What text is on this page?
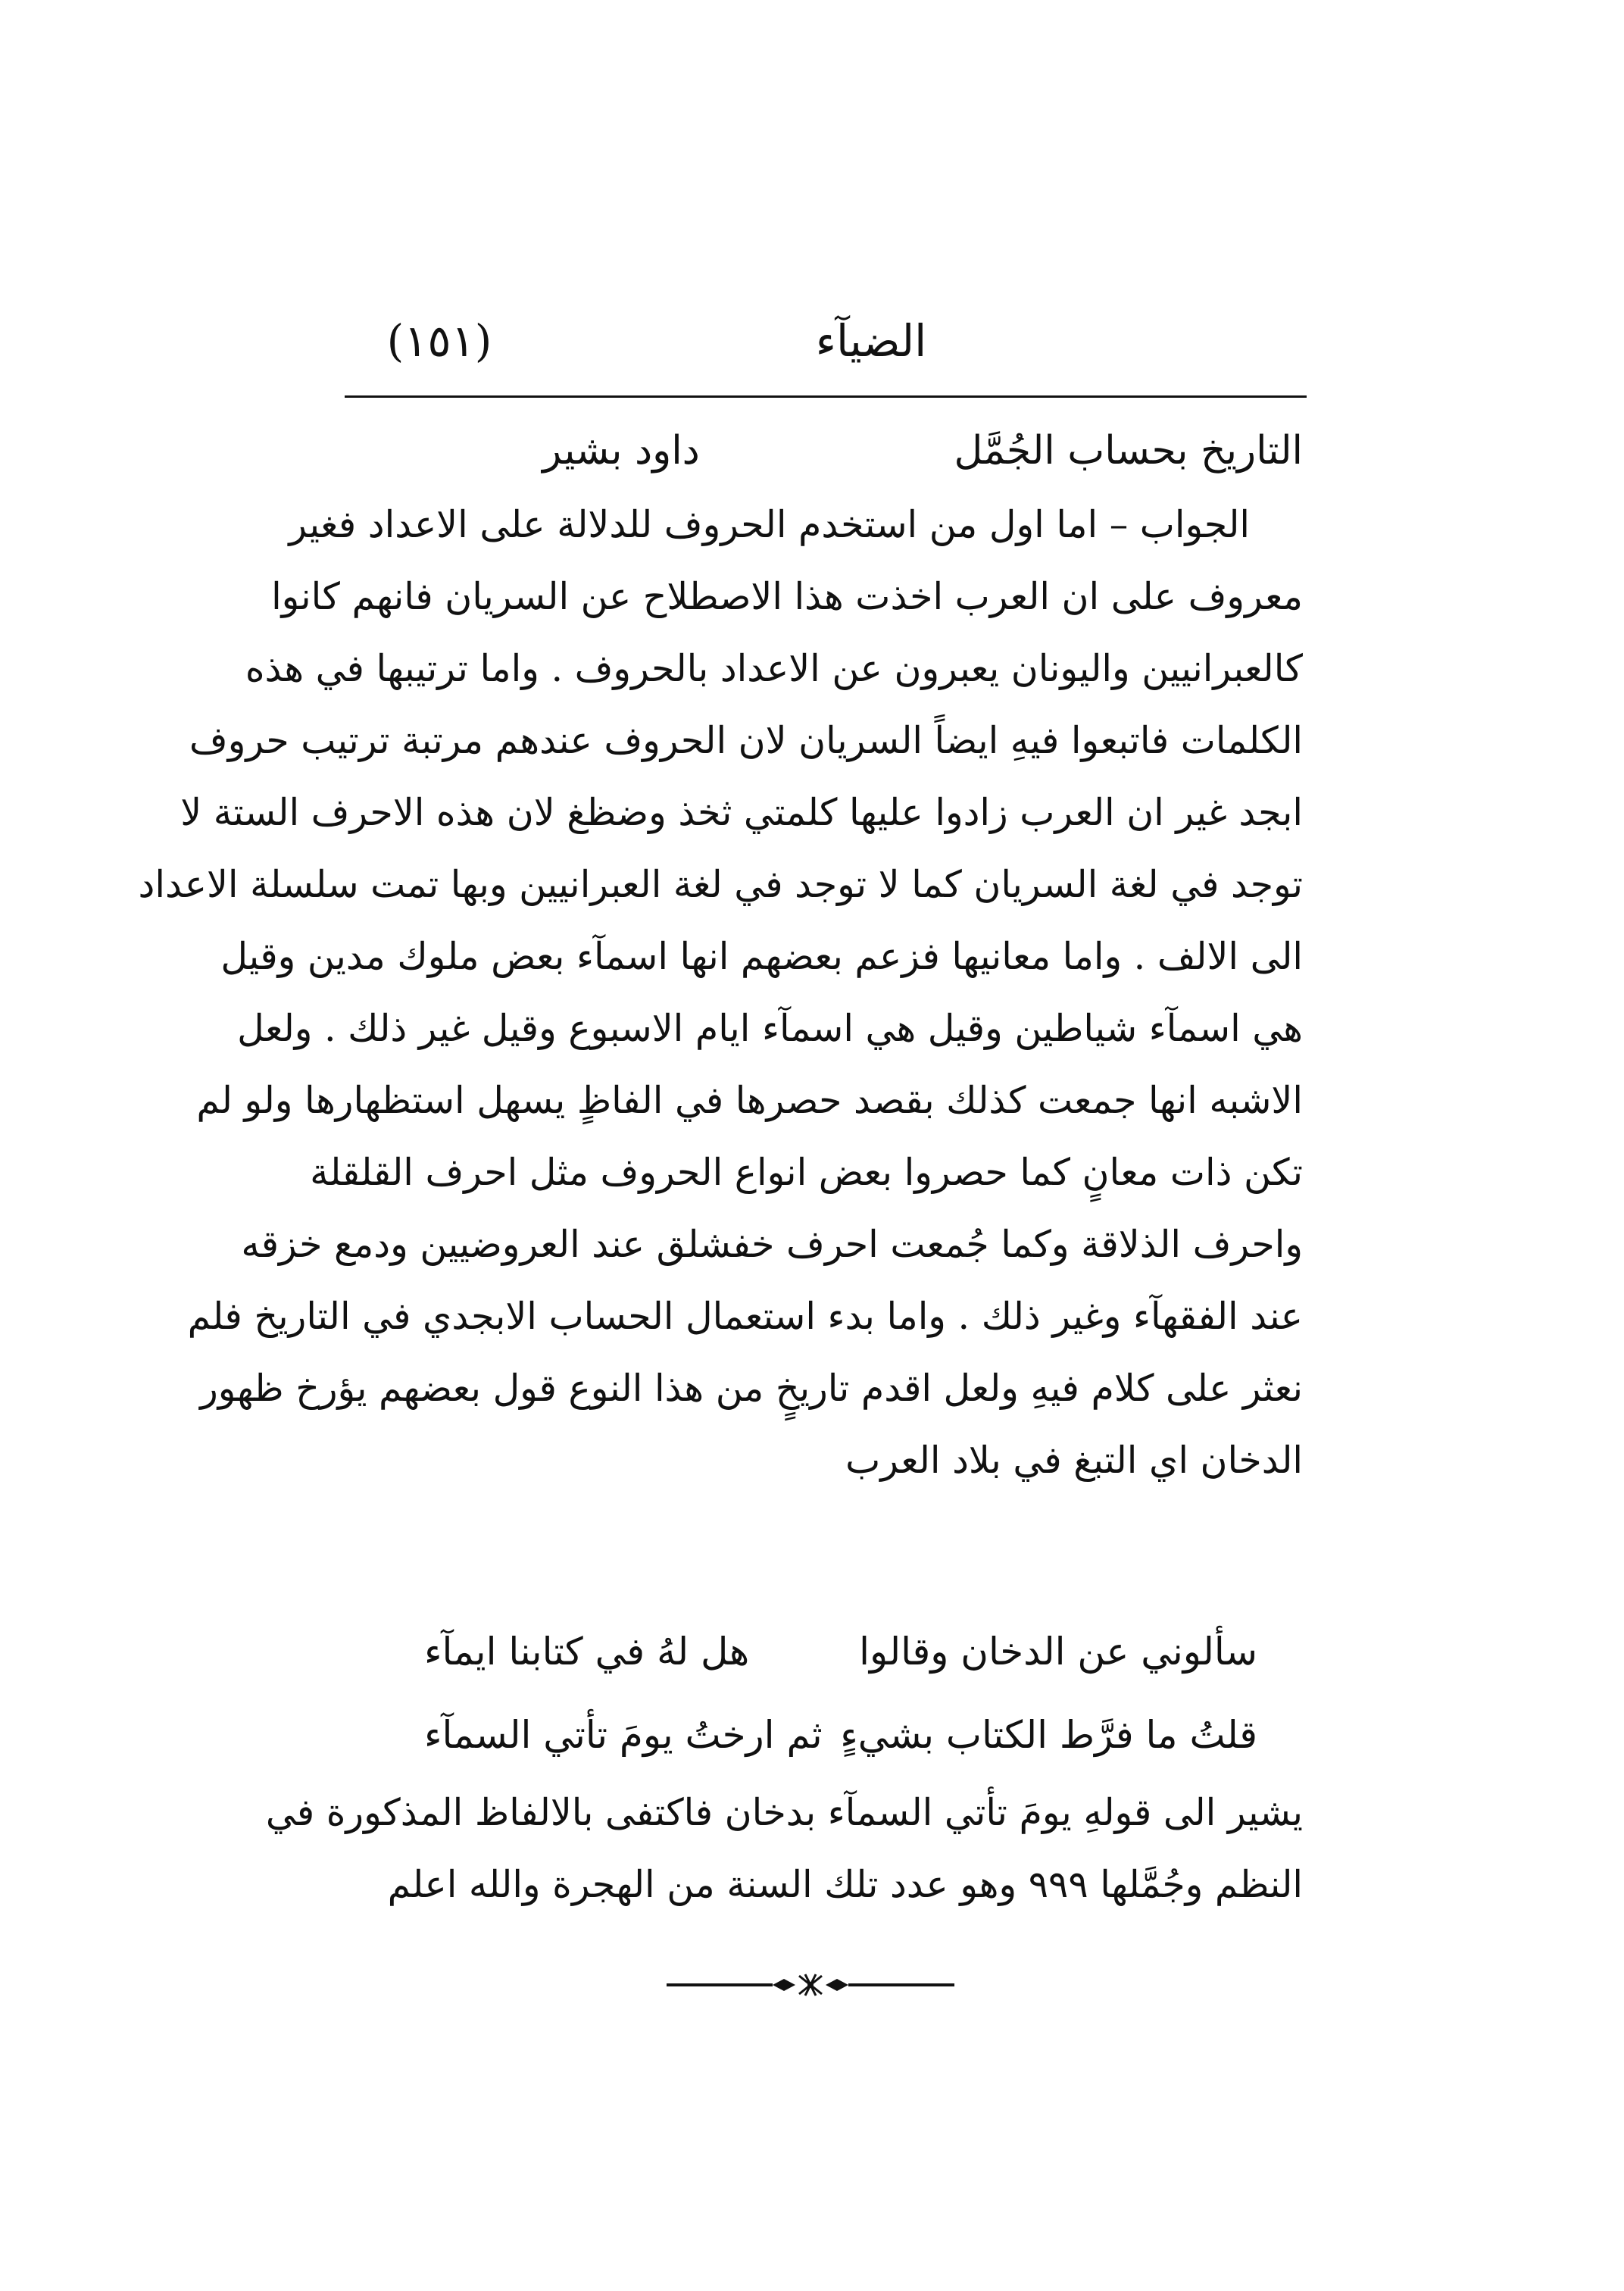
الضيآء
(١٥١)
التاريخ بحساب الجُمَّل
داود بشير
الجواب – اما اول من استخدم الحروف للدلالة على الاعداد فغير
معروف على ان العرب اخذت هذا الاصطلاح عن السريان فانهم كانوا
كالعبرانيين واليونان يعبرون عن الاعداد بالحروف . واما ترتيبها في هذه
الكلمات فاتبعوا فيهِ ايضاً السريان لان الحروف عندهم مرتبة ترتيب حروف
ابجد غير ان العرب زادوا عليها كلمتي ثخذ وضظغ لان هذه الاحرف الستة لا
توجد في لغة السريان كما لا توجد في لغة العبرانيين وبها تمت سلسلة الاعداد
الى الالف . واما معانيها فزعم بعضهم انها اسمآء بعض ملوك مدين وقيل
هي اسمآء شياطين وقيل هي اسمآء ايام الاسبوع وقيل غير ذلك . ولعل
الاشبه انها جمعت كذلك بقصد حصرها في الفاظٍ يسهل استظهارها ولو لم
تكن ذات معانٍ كما حصروا بعض انواع الحروف مثل احرف القلقلة
واحرف الذلاقة وكما جُمعت احرف خفشلق عند العروضيين ودمع خزقه
عند الفقهآء وغير ذلك . واما بدء استعمال الحساب الابجدي في التاريخ فلم
نعثر على كلام فيهِ ولعل اقدم تاريخٍ من هذا النوع قول بعضهم يؤرخ ظهور
الدخان اي التبغ في بلاد العرب
سألوني عن الدخان وقالوا
هل لهُ في كتابنا ايمآء
قلتُ ما فرَّط الكتاب بشيءٍ
ثم ارختُ يومَ تأتي السمآء
يشير الى قولهِ يومَ تأتي السمآء بدخان فاكتفى بالالفاظ المذكورة في
النظم وجُمَّلها ٩٩٩ وهو عدد تلك السنة من الهجرة والله اعلم
